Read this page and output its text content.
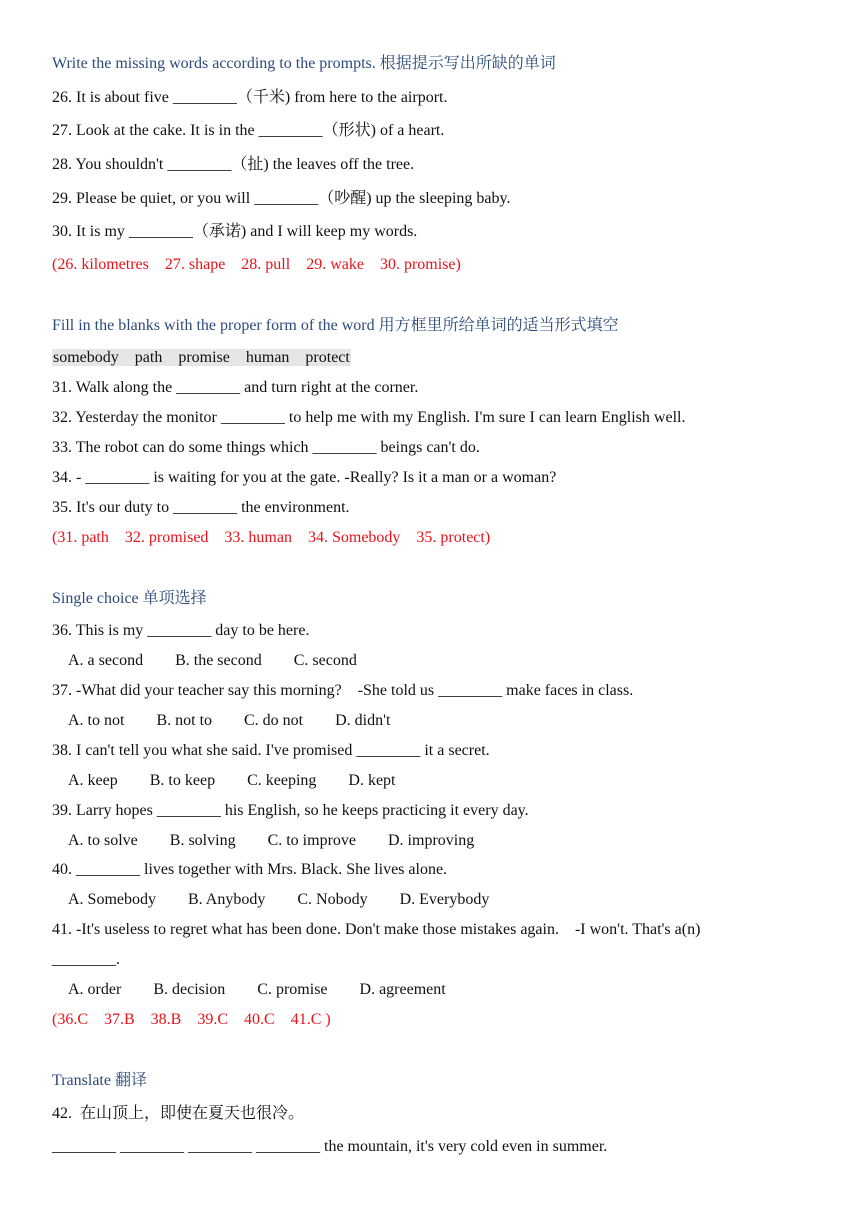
Write the missing words according to the prompts. 根据提示写出所缺的单词

26. It is about five ________（千米) from here to the airport.

27. Look at the cake. It is in the ________（形状) of a heart.

28. You shouldn't ________（扯) the leaves off the tree.

29. Please be quiet, or you will ________（吵醒) up the sleeping baby.

30. It is my ________（承诺) and I will keep my words.

(26. kilometres    27. shape    28. pull    29. wake    30. promise)

Fill in the blanks with the proper form of the word 用方框里所给单词的适当形式填空

somebody    path    promise    human    protect

31. Walk along the ________ and turn right at the corner.

32. Yesterday the monitor ________ to help me with my English. I'm sure I can learn English well.

33. The robot can do some things which ________ beings can't do.

34. - ________ is waiting for you at the gate. -Really? Is it a man or a woman?

35. It's our duty to ________ the environment.

(31. path    32. promised    33. human    34. Somebody    35. protect)

Single choice 单项选择

36. This is my ________ day to be here.

A. a second        B. the second        C. second

37. -What did your teacher say this morning?    -She told us ________ make faces in class.

A. to not        B. not to        C. do not        D. didn't

38. I can't tell you what she said. I've promised ________ it a secret.

A. keep        B. to keep        C. keeping        D. kept

39. Larry hopes ________ his English, so he keeps practicing it every day.

A. to solve        B. solving        C. to improve        D. improving

40. ________ lives together with Mrs. Black. She lives alone.

A. Somebody        B. Anybody        C. Nobody        D. Everybody

41. -It's useless to regret what has been done. Don't make those mistakes again.    -I won't. That's a(n)

________.

A. order        B. decision        C. promise        D. agreement

(36.C    37.B    38.B    39.C    40.C    41.C )

Translate 翻译

42.  在山顶上，即使在夏天也很冷。

________ ________ ________ ________ the mountain, it's very cold even in summer.
